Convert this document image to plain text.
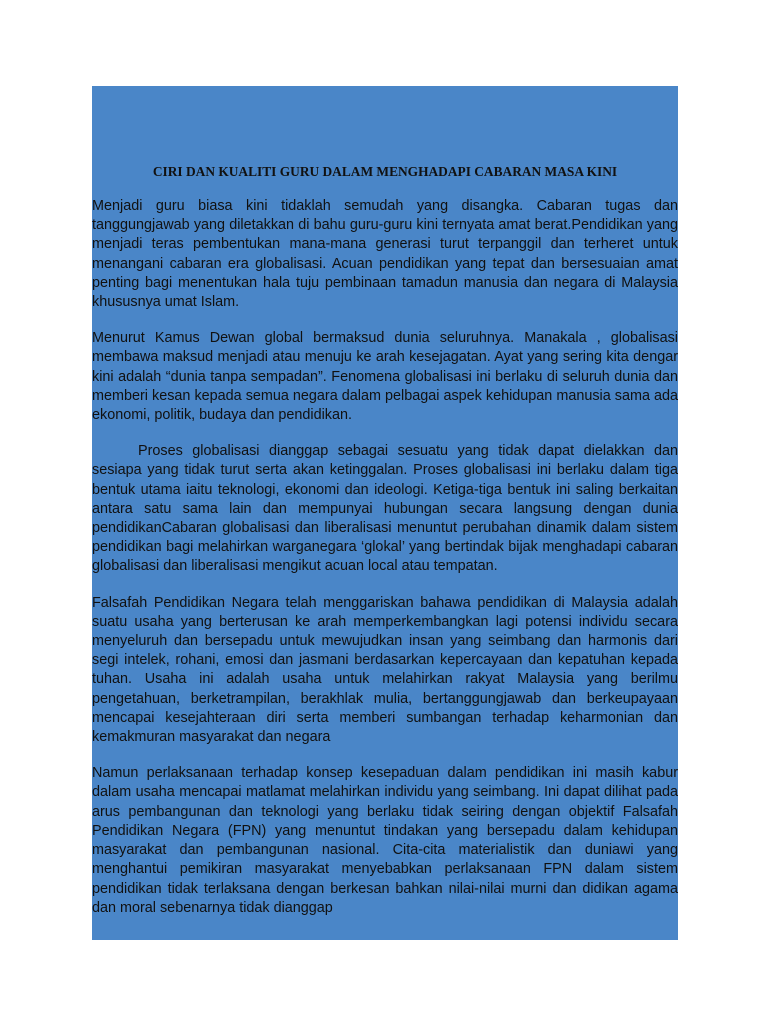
CIRI DAN KUALITI GURU DALAM MENGHADAPI CABARAN MASA KINI

Menjadi guru biasa kini tidaklah semudah yang disangka. Cabaran tugas dan tanggungjawab yang diletakkan di bahu guru-guru kini ternyata amat berat.Pendidikan yang menjadi teras pembentukan mana-mana generasi turut terpanggil dan terheret untuk menangani cabaran era globalisasi. Acuan pendidikan yang tepat dan bersesuaian amat penting bagi menentukan hala tuju pembinaan tamadun manusia dan negara di Malaysia khususnya umat Islam.

Menurut Kamus Dewan global bermaksud dunia seluruhnya. Manakala , globalisasi membawa maksud menjadi atau menuju ke arah kesejagatan. Ayat yang sering kita dengar kini adalah “dunia tanpa sempadan”. Fenomena globalisasi ini berlaku di seluruh dunia dan memberi kesan kepada semua negara dalam pelbagai aspek kehidupan manusia sama ada ekonomi, politik, budaya dan pendidikan.

Proses globalisasi dianggap sebagai sesuatu yang tidak dapat dielakkan dan sesiapa yang tidak turut serta akan ketinggalan. Proses globalisasi ini berlaku dalam tiga bentuk utama iaitu teknologi, ekonomi dan ideologi. Ketiga-tiga bentuk ini saling berkaitan antara satu sama lain dan mempunyai hubungan secara langsung dengan dunia pendidikanCabaran globalisasi dan liberalisasi menuntut perubahan dinamik dalam sistem pendidikan bagi melahirkan warganegara ‘glokal’ yang bertindak bijak menghadapi cabaran globalisasi dan liberalisasi mengikut acuan local atau tempatan.

Falsafah Pendidikan Negara telah menggariskan bahawa pendidikan di Malaysia adalah suatu usaha yang berterusan ke arah memperkembangkan lagi potensi individu secara menyeluruh dan bersepadu untuk mewujudkan insan yang seimbang dan harmonis dari segi intelek, rohani, emosi dan jasmani berdasarkan kepercayaan dan kepatuhan kepada tuhan. Usaha ini adalah usaha untuk melahirkan rakyat Malaysia yang berilmu pengetahuan, berketrampilan, berakhlak mulia, bertanggungjawab dan berkeupayaan mencapai kesejahteraan diri serta memberi sumbangan terhadap keharmonian dan kemakmuran masyarakat dan negara

Namun perlaksanaan terhadap konsep kesepaduan dalam pendidikan ini masih kabur dalam usaha mencapai matlamat melahirkan individu yang seimbang. Ini dapat dilihat pada arus pembangunan dan teknologi yang berlaku tidak seiring dengan objektif Falsafah Pendidikan Negara (FPN) yang menuntut tindakan yang bersepadu dalam kehidupan masyarakat dan pembangunan nasional. Cita-cita materialistik dan duniawi yang menghantui pemikiran masyarakat menyebabkan perlaksanaan FPN dalam sistem pendidikan tidak terlaksana dengan berkesan bahkan nilai-nilai murni dan didikan agama dan moral sebenarnya tidak dianggap
